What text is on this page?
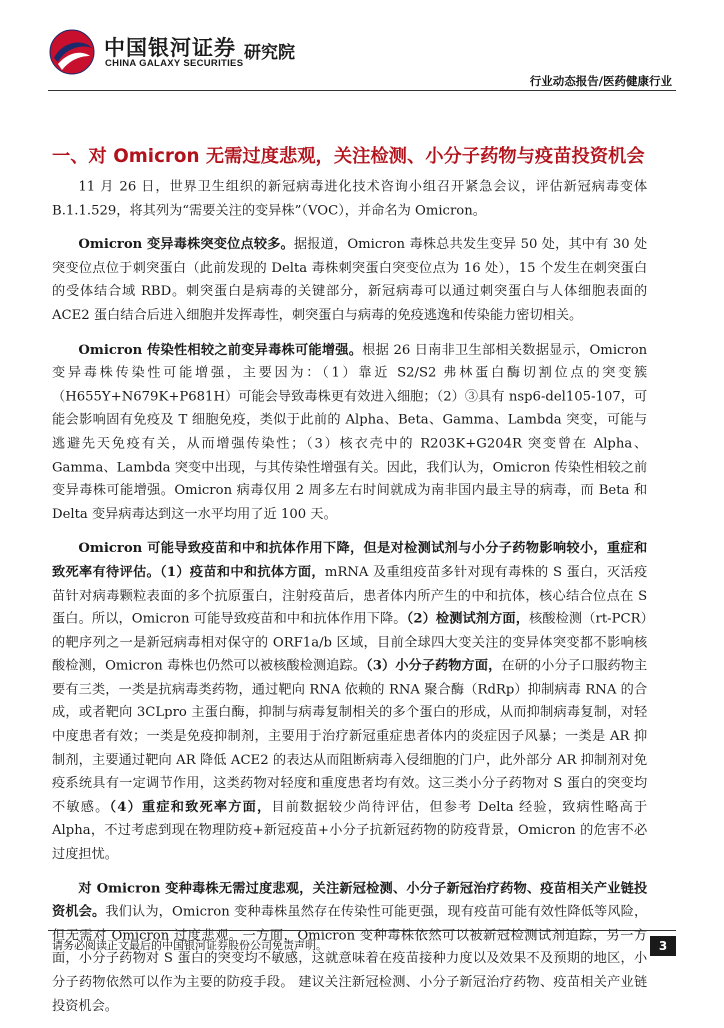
中国银河证券
CHINA GALAXY SECURITIES
研究院
行业动态报告/医药健康行业
一、对 Omicron 无需过度悲观，关注检测、小分子药物与疫苗投资机会

11 月 26 日，世界卫生组织的新冠病毒进化技术咨询小组召开紧急会议，评估新冠病毒变体 B.1.1.529，将其列为“需要关注的变异株”（VOC），并命名为 Omicron。

Omicron 变异毒株突变位点较多。据报道，Omicron 毒株总共发生变异 50 处，其中有 30 处突变位点位于刺突蛋白（此前发现的 Delta 毒株刺突蛋白突变位点为 16 处），15 个发生在刺突蛋白的受体结合域 RBD。刺突蛋白是病毒的关键部分，新冠病毒可以通过刺突蛋白与人体细胞表面的 ACE2 蛋白结合后进入细胞并发挥毒性，刺突蛋白与病毒的免疫逃逸和传染能力密切相关。

Omicron 传染性相较之前变异毒株可能增强。根据 26 日南非卫生部相关数据显示，Omicron 变异毒株传染性可能增强，主要因为：（1）靠近 S2/S2 弗林蛋白酶切割位点的突变簇（H655Y+N679K+P681H）可能会导致毒株更有效进入细胞；（2）③具有 nsp6-del105-107，可能会影响固有免疫及 T 细胞免疫，类似于此前的 Alpha、Beta、Gamma、Lambda 突变，可能与逃避先天免疫有关，从而增强传染性；（3）核衣壳中的 R203K+G204R 突变曾在 Alpha、Gamma、Lambda 突变中出现，与其传染性增强有关。因此，我们认为，Omicron 传染性相较之前变异毒株可能增强。Omicron 病毒仅用 2 周多左右时间就成为南非国内最主导的病毒，而 Beta 和 Delta 变异病毒达到这一水平均用了近 100 天。

Omicron 可能导致疫苗和中和抗体作用下降，但是对检测试剂与小分子药物影响较小，重症和致死率有待评估。（1）疫苗和中和抗体方面，mRNA 及重组疫苗多针对现有毒株的 S 蛋白，灭活疫苗针对病毒颗粒表面的多个抗原蛋白，注射疫苗后，患者体内所产生的中和抗体，核心结合位点在 S 蛋白。所以，Omicron 可能导致疫苗和中和抗体作用下降。（2）检测试剂方面，核酸检测（rt-PCR）的靶序列之一是新冠病毒相对保守的 ORF1a/b 区域，目前全球四大变关注的变异体突变都不影响核酸检测，Omicron 毒株也仍然可以被核酸检测追踪。（3）小分子药物方面，在研的小分子口服药物主要有三类，一类是抗病毒类药物，通过靶向 RNA 依赖的 RNA 聚合酶（RdRp）抑制病毒 RNA 的合成，或者靶向 3CLpro 主蛋白酶，抑制与病毒复制相关的多个蛋白的形成，从而抑制病毒复制，对轻中度患者有效；一类是免疫抑制剂，主要用于治疗新冠重症患者体内的炎症因子风暴；一类是 AR 抑制剂，主要通过靶向 AR 降低 ACE2 的表达从而阻断病毒入侵细胞的门户，此外部分 AR 抑制剂对免疫系统具有一定调节作用，这类药物对轻度和重度患者均有效。这三类小分子药物对 S 蛋白的突变均不敏感。（4）重症和致死率方面，目前数据较少尚待评估，但参考 Delta 经验，致病性略高于 Alpha，不过考虑到现在物理防疫+新冠疫苗+小分子抗新冠药物的防疫背景，Omicron 的危害不必过度担忧。

对 Omicron 变种毒株无需过度悲观，关注新冠检测、小分子新冠治疗药物、疫苗相关产业链投资机会。我们认为，Omicron 变种毒株虽然存在传染性可能更强，现有疫苗可能有效性降低等风险，但无需对 Omicron 过度悲观。一方面，Omicron 变种毒株依然可以被新冠检测试剂追踪，另一方面，小分子药物对 S 蛋白的突变均不敏感，这就意味着在疫苗接种力度以及效果不及预期的地区，小分子药物依然可以作为主要的防疫手段。 建议关注新冠检测、小分子新冠治疗药物、疫苗相关产业链投资机会。

请务必阅读正文最后的中国银河证券股份公司免责声明。	3
